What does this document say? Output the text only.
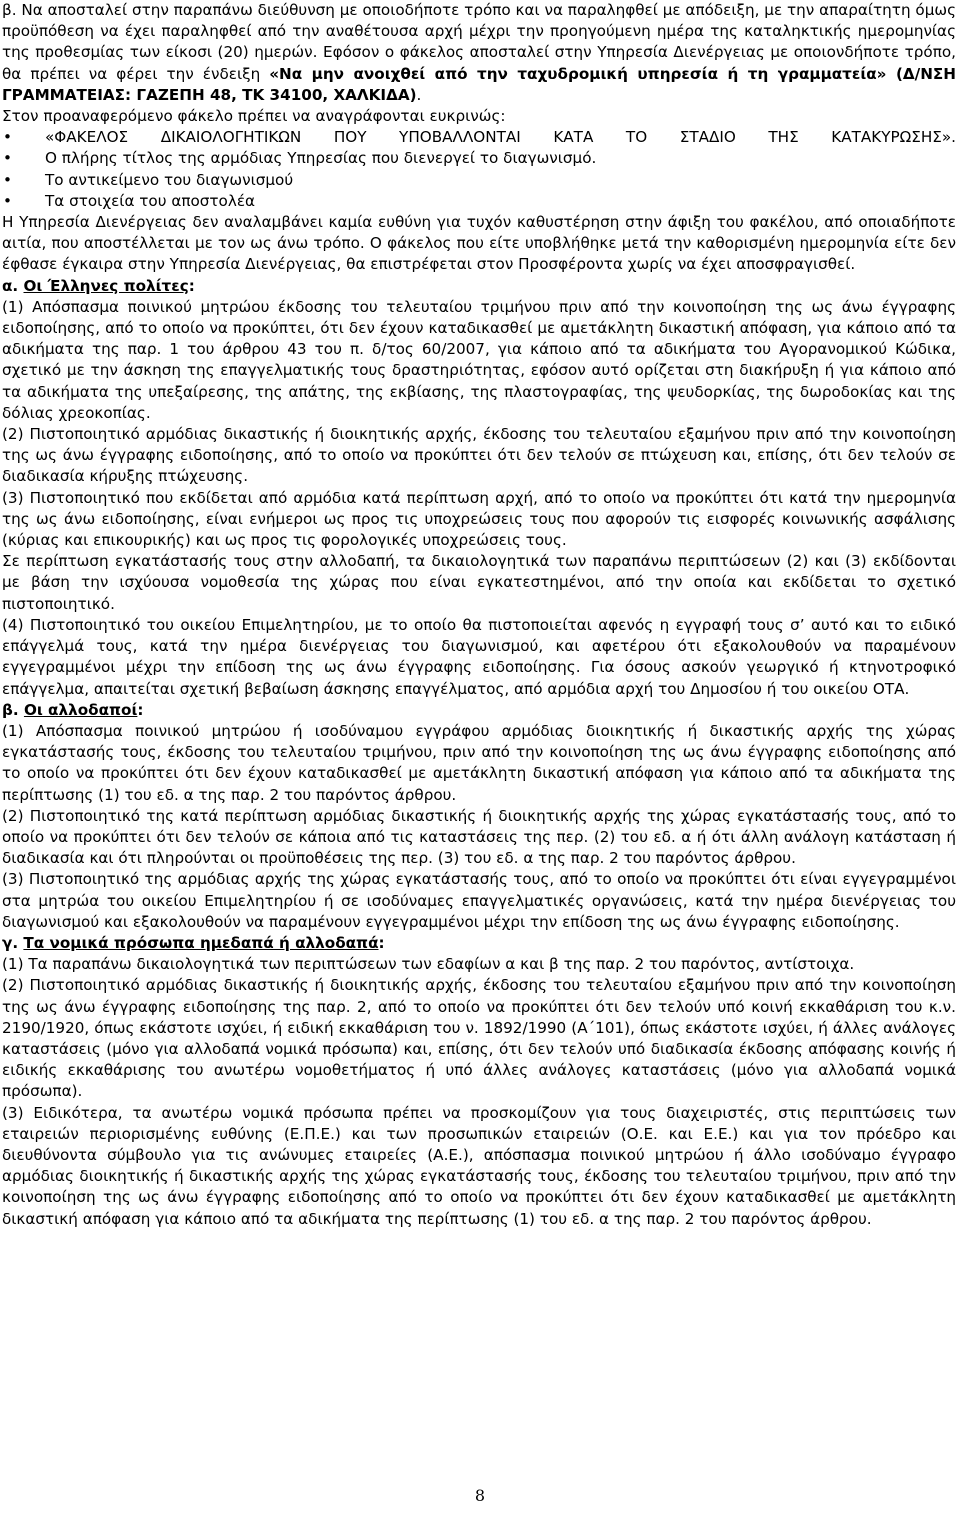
β. Να αποσταλεί στην παραπάνω διεύθυνση με οποιοδήποτε τρόπο και να παραληφθεί με απόδειξη, με την απαραίτητη όμως προϋπόθεση να έχει παραληφθεί από την αναθέτουσα αρχή μέχρι την προηγούμενη ημέρα της καταληκτικής ημερομηνίας της προθεσμίας των είκοσι (20) ημερών. Εφόσον ο φάκελος αποσταλεί στην Υπηρεσία Διενέργειας με οποιονδήποτε τρόπο, θα πρέπει να φέρει την ένδειξη «Να μην ανοιχθεί από την ταχυδρομική υπηρεσία ή τη γραμματεία» (Δ/ΝΣΗ ΓΡΑΜΜΑΤΕΙΑΣ: ΓΑΖΕΠΗ 48, ΤΚ 34100, ΧΑΛΚΙΔΑ).

Στον προαναφερόμενο φάκελο πρέπει να αναγράφονται ευκρινώς:

• «ΦΑΚΕΛΟΣ ΔΙΚΑΙΟΛΟΓΗΤΙΚΩΝ ΠΟΥ ΥΠΟΒΑΛΛΟΝΤΑΙ ΚΑΤΑ ΤΟ ΣΤΑΔΙΟ ΤΗΣ ΚΑΤΑΚΥΡΩΣΗΣ».

• Ο πλήρης τίτλος της αρμόδιας Υπηρεσίας που διενεργεί το διαγωνισμό.

• Το αντικείμενο του διαγωνισμού

• Τα στοιχεία του αποστολέα

Η Υπηρεσία Διενέργειας δεν αναλαμβάνει καμία ευθύνη για τυχόν καθυστέρηση στην άφιξη του φακέλου, από οποιαδήποτε αιτία, που αποστέλλεται με τον ως άνω τρόπο. Ο φάκελος που είτε υποβλήθηκε μετά την καθορισμένη ημερομηνία είτε δεν έφθασε έγκαιρα στην Υπηρεσία Διενέργειας, θα επιστρέφεται στον Προσφέροντα χωρίς να έχει αποσφραγισθεί.

α. Οι Έλληνες πολίτες:

(1) Απόσπασμα ποινικού μητρώου έκδοσης του τελευταίου τριμήνου πριν από την κοινοποίηση της ως άνω έγγραφης ειδοποίησης, από το οποίο να προκύπτει, ότι δεν έχουν καταδικασθεί με αμετάκλητη δικαστική απόφαση, για κάποιο από τα αδικήματα της παρ. 1 του άρθρου 43 του π. δ/τος 60/2007, για κάποιο από τα αδικήματα του Αγορανομικού Κώδικα, σχετικό με την άσκηση της επαγγελματικής τους δραστηριότητας, εφόσον αυτό ορίζεται στη διακήρυξη ή για κάποιο από τα αδικήματα της υπεξαίρεσης, της απάτης, της εκβίασης, της πλαστογραφίας, της ψευδορκίας, της δωροδοκίας και της δόλιας χρεοκοπίας.

(2) Πιστοποιητικό αρμόδιας δικαστικής ή διοικητικής αρχής, έκδοσης του τελευταίου εξαμήνου πριν από την κοινοποίηση της ως άνω έγγραφης ειδοποίησης, από το οποίο να προκύπτει ότι δεν τελούν σε πτώχευση και, επίσης, ότι δεν τελούν σε διαδικασία κήρυξης πτώχευσης.

(3) Πιστοποιητικό που εκδίδεται από αρμόδια κατά περίπτωση αρχή, από το οποίο να προκύπτει ότι κατά την ημερομηνία της ως άνω ειδοποίησης, είναι ενήμεροι ως προς τις υποχρεώσεις τους που αφορούν τις εισφορές κοινωνικής ασφάλισης (κύριας και επικουρικής) και ως προς τις φορολογικές υποχρεώσεις τους.

Σε περίπτωση εγκατάστασής τους στην αλλοδαπή, τα δικαιολογητικά των παραπάνω περιπτώσεων (2) και (3) εκδίδονται με βάση την ισχύουσα νομοθεσία της χώρας που είναι εγκατεστημένοι, από την οποία και εκδίδεται το σχετικό πιστοποιητικό.

(4) Πιστοποιητικό του οικείου Επιμελητηρίου, με το οποίο θα πιστοποιείται αφενός η εγγραφή τους σ’ αυτό και το ειδικό επάγγελμά τους, κατά την ημέρα διενέργειας του διαγωνισμού, και αφετέρου ότι εξακολουθούν να παραμένουν εγγεγραμμένοι μέχρι την επίδοση της ως άνω έγγραφης ειδοποίησης. Για όσους ασκούν γεωργικό ή κτηνοτροφικό επάγγελμα, απαιτείται σχετική βεβαίωση άσκησης επαγγέλματος, από αρμόδια αρχή του Δημοσίου ή του οικείου ΟΤΑ.

β. Οι αλλοδαποί:

(1) Απόσπασμα ποινικού μητρώου ή ισοδύναμου εγγράφου αρμόδιας διοικητικής ή δικαστικής αρχής της χώρας εγκατάστασής τους, έκδοσης του τελευταίου τριμήνου, πριν από την κοινοποίηση της ως άνω έγγραφης ειδοποίησης από το οποίο να προκύπτει ότι δεν έχουν καταδικασθεί με αμετάκλητη δικαστική απόφαση για κάποιο από τα αδικήματα της περίπτωσης (1) του εδ. α της παρ. 2 του παρόντος άρθρου.

(2) Πιστοποιητικό της κατά περίπτωση αρμόδιας δικαστικής ή διοικητικής αρχής της χώρας εγκατάστασής τους, από το οποίο να προκύπτει ότι δεν τελούν σε κάποια από τις καταστάσεις της περ. (2) του εδ. α ή ότι άλλη ανάλογη κατάσταση ή διαδικασία και ότι πληρούνται οι προϋποθέσεις της περ. (3) του εδ. α της παρ. 2 του παρόντος άρθρου.

(3) Πιστοποιητικό της αρμόδιας αρχής της χώρας εγκατάστασής τους, από το οποίο να προκύπτει ότι είναι εγγεγραμμένοι στα μητρώα του οικείου Επιμελητηρίου ή σε ισοδύναμες επαγγελματικές οργανώσεις, κατά την ημέρα διενέργειας του διαγωνισμού και εξακολουθούν να παραμένουν εγγεγραμμένοι μέχρι την επίδοση της ως άνω έγγραφης ειδοποίησης.

γ. Τα νομικά πρόσωπα ημεδαπά ή αλλοδαπά:

(1) Τα παραπάνω δικαιολογητικά των περιπτώσεων των εδαφίων α και β της παρ. 2 του παρόντος, αντίστοιχα.

(2) Πιστοποιητικό αρμόδιας δικαστικής ή διοικητικής αρχής, έκδοσης του τελευταίου εξαμήνου πριν από την κοινοποίηση της ως άνω έγγραφης ειδοποίησης της παρ. 2, από το οποίο να προκύπτει ότι δεν τελούν υπό κοινή εκκαθάριση του κ.ν. 2190/1920, όπως εκάστοτε ισχύει, ή ειδική εκκαθάριση του ν. 1892/1990 (Α΄101), όπως εκάστοτε ισχύει, ή άλλες ανάλογες καταστάσεις (μόνο για αλλοδαπά νομικά πρόσωπα) και, επίσης, ότι δεν τελούν υπό διαδικασία έκδοσης απόφασης κοινής ή ειδικής εκκαθάρισης του ανωτέρω νομοθετήματος ή υπό άλλες ανάλογες καταστάσεις (μόνο για αλλοδαπά νομικά πρόσωπα).

(3) Ειδικότερα, τα ανωτέρω νομικά πρόσωπα πρέπει να προσκομίζουν για τους διαχειριστές, στις περιπτώσεις των εταιρειών περιορισμένης ευθύνης (Ε.Π.Ε.) και των προσωπικών εταιρειών (Ο.Ε. και Ε.Ε.) και για τον πρόεδρο και διευθύνοντα σύμβουλο για τις ανώνυμες εταιρείες (Α.Ε.), απόσπασμα ποινικού μητρώου ή άλλο ισοδύναμο έγγραφο αρμόδιας διοικητικής ή δικαστικής αρχής της χώρας εγκατάστασής τους, έκδοσης του τελευταίου τριμήνου, πριν από την κοινοποίηση της ως άνω έγγραφης ειδοποίησης από το οποίο να προκύπτει ότι δεν έχουν καταδικασθεί με αμετάκλητη δικαστική απόφαση για κάποιο από τα αδικήματα της περίπτωσης (1) του εδ. α της παρ. 2 του παρόντος άρθρου.

8
